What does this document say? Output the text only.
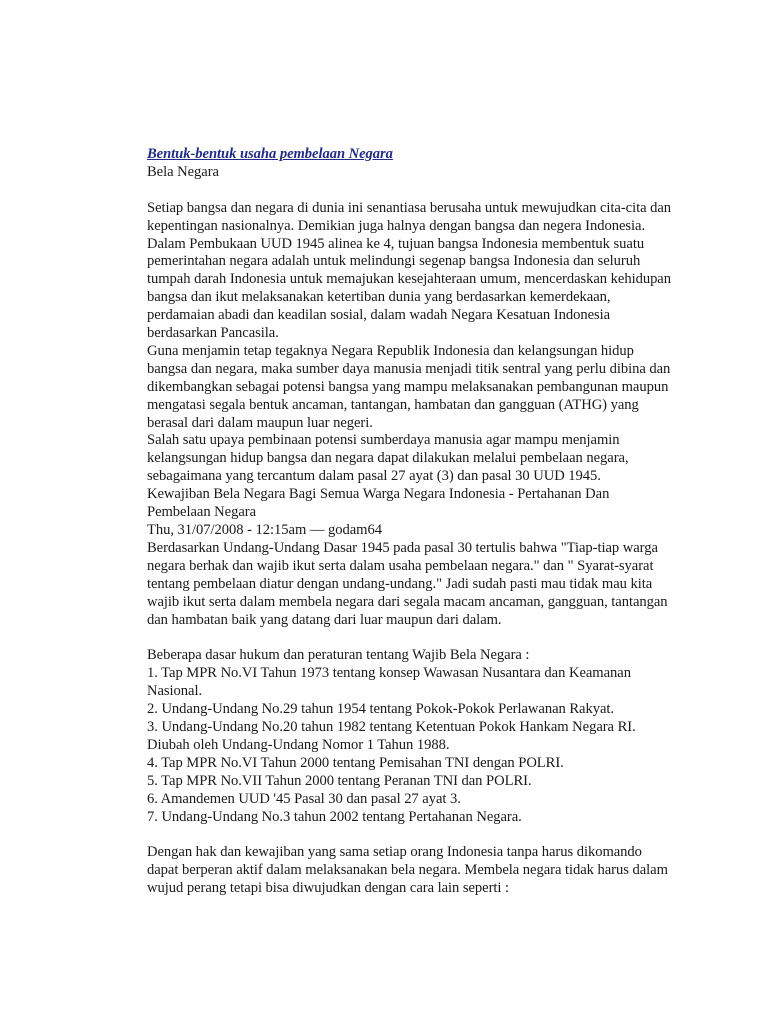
Bentuk-bentuk usaha pembelaan Negara
Bela Negara
Setiap bangsa dan negara di dunia ini senantiasa berusaha untuk mewujudkan cita-cita dan kepentingan nasionalnya. Demikian juga halnya dengan bangsa dan negera Indonesia. Dalam Pembukaan UUD 1945 alinea ke 4, tujuan bangsa Indonesia membentuk suatu pemerintahan negara adalah untuk melindungi segenap bangsa Indonesia dan seluruh tumpah darah Indonesia untuk memajukan kesejahteraan umum, mencerdaskan kehidupan bangsa dan ikut melaksanakan ketertiban dunia yang berdasarkan kemerdekaan, perdamaian abadi dan keadilan sosial, dalam wadah Negara Kesatuan Indonesia berdasarkan Pancasila.
Guna menjamin tetap tegaknya Negara Republik Indonesia dan kelangsungan hidup bangsa dan negara, maka sumber daya manusia menjadi titik sentral yang perlu dibina dan dikembangkan sebagai potensi bangsa yang mampu melaksanakan pembangunan maupun mengatasi segala bentuk ancaman, tantangan, hambatan dan gangguan (ATHG) yang berasal dari dalam maupun luar negeri.
Salah satu upaya pembinaan potensi sumberdaya manusia agar mampu menjamin kelangsungan hidup bangsa dan negara dapat dilakukan melalui pembelaan negara, sebagaimana yang tercantum dalam pasal 27 ayat (3) dan pasal 30 UUD 1945.
Kewajiban Bela Negara Bagi Semua Warga Negara Indonesia - Pertahanan Dan Pembelaan Negara
Thu, 31/07/2008 - 12:15am — godam64
Berdasarkan Undang-Undang Dasar 1945 pada pasal 30 tertulis bahwa "Tiap-tiap warga negara berhak dan wajib ikut serta dalam usaha pembelaan negara." dan " Syarat-syarat tentang pembelaan diatur dengan undang-undang." Jadi sudah pasti mau tidak mau kita wajib ikut serta dalam membela negara dari segala macam ancaman, gangguan, tantangan dan hambatan baik yang datang dari luar maupun dari dalam.
Beberapa dasar hukum dan peraturan tentang Wajib Bela Negara :
1. Tap MPR No.VI Tahun 1973 tentang konsep Wawasan Nusantara dan Keamanan Nasional.
2. Undang-Undang No.29 tahun 1954 tentang Pokok-Pokok Perlawanan Rakyat.
3. Undang-Undang No.20 tahun 1982 tentang Ketentuan Pokok Hankam Negara RI. Diubah oleh Undang-Undang Nomor 1 Tahun 1988.
4. Tap MPR No.VI Tahun 2000 tentang Pemisahan TNI dengan POLRI.
5. Tap MPR No.VII Tahun 2000 tentang Peranan TNI dan POLRI.
6. Amandemen UUD '45 Pasal 30 dan pasal 27 ayat 3.
7. Undang-Undang No.3 tahun 2002 tentang Pertahanan Negara.
Dengan hak dan kewajiban yang sama setiap orang Indonesia tanpa harus dikomando dapat berperan aktif dalam melaksanakan bela negara. Membela negara tidak harus dalam wujud perang tetapi bisa diwujudkan dengan cara lain seperti :
